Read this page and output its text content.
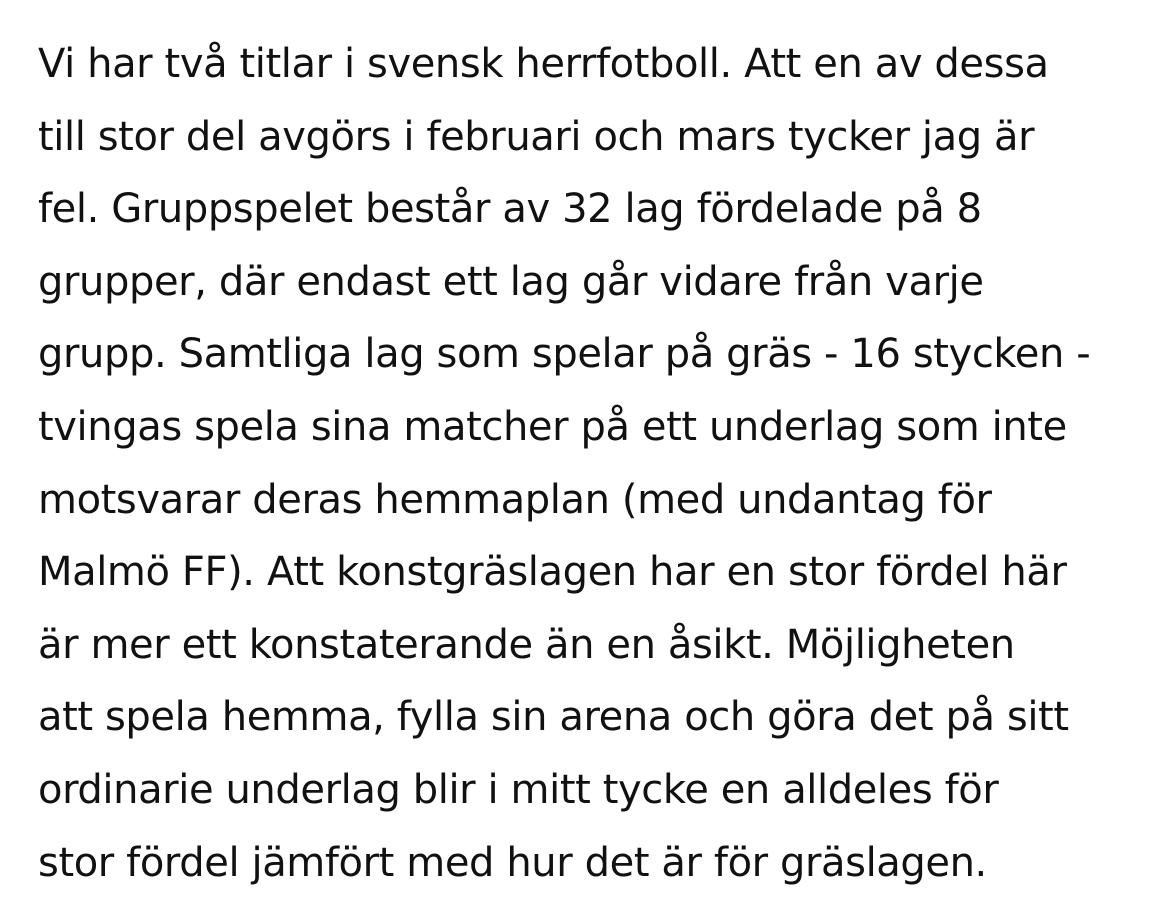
Vi har två titlar i svensk herrfotboll. Att en av dessa
till stor del avgörs i februari och mars tycker jag är
fel. Gruppspelet består av 32 lag fördelade på 8
grupper, där endast ett lag går vidare från varje
grupp. Samtliga lag som spelar på gräs - 16 stycken -
tvingas spela sina matcher på ett underlag som inte
motsvarar deras hemmaplan (med undantag för
Malmö FF). Att konstgräslagen har en stor fördel här
är mer ett konstaterande än en åsikt. Möjligheten
att spela hemma, fylla sin arena och göra det på sitt
ordinarie underlag blir i mitt tycke en alldeles för
stor fördel jämfört med hur det är för gräslagen.
